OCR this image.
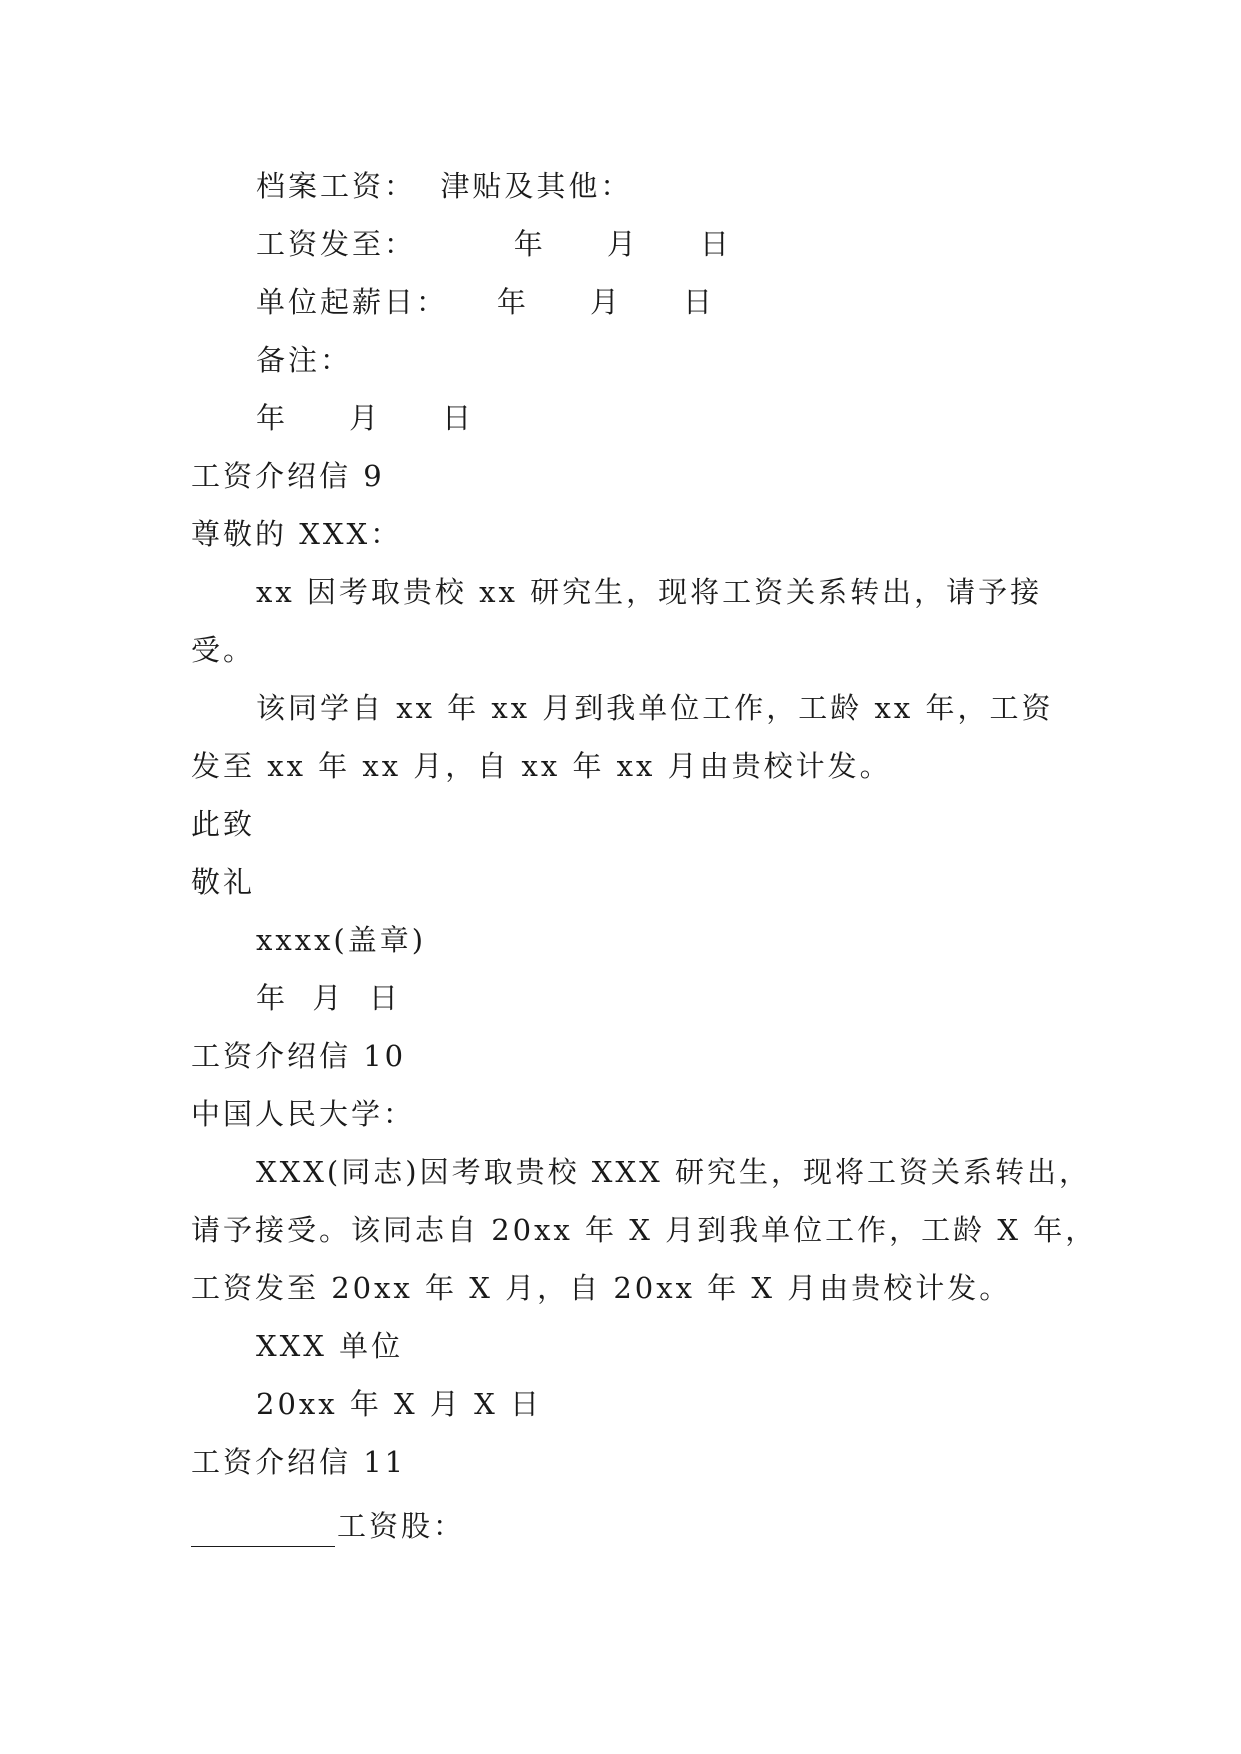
档案工资：  津贴及其他：
工资发至：        年     月     日
单位起薪日：    年     月     日
备注：
年     月     日
工资介绍信 9
尊敬的 XXX：
xx 因考取贵校 xx 研究生，现将工资关系转出，请予接
受。
该同学自 xx 年 xx 月到我单位工作，工龄 xx 年，工资
发至 xx 年 xx 月，自 xx 年 xx 月由贵校计发。
此致
敬礼
xxxx(盖章)
年  月  日
工资介绍信 10
中国人民大学：
XXX(同志)因考取贵校 XXX 研究生，现将工资关系转出，
请予接受。该同志自 20xx 年 X 月到我单位工作，工龄 X 年，
工资发至 20xx 年 X 月，自 20xx 年 X 月由贵校计发。
XXX 单位
20xx 年 X 月 X 日
工资介绍信 11
工资股：
